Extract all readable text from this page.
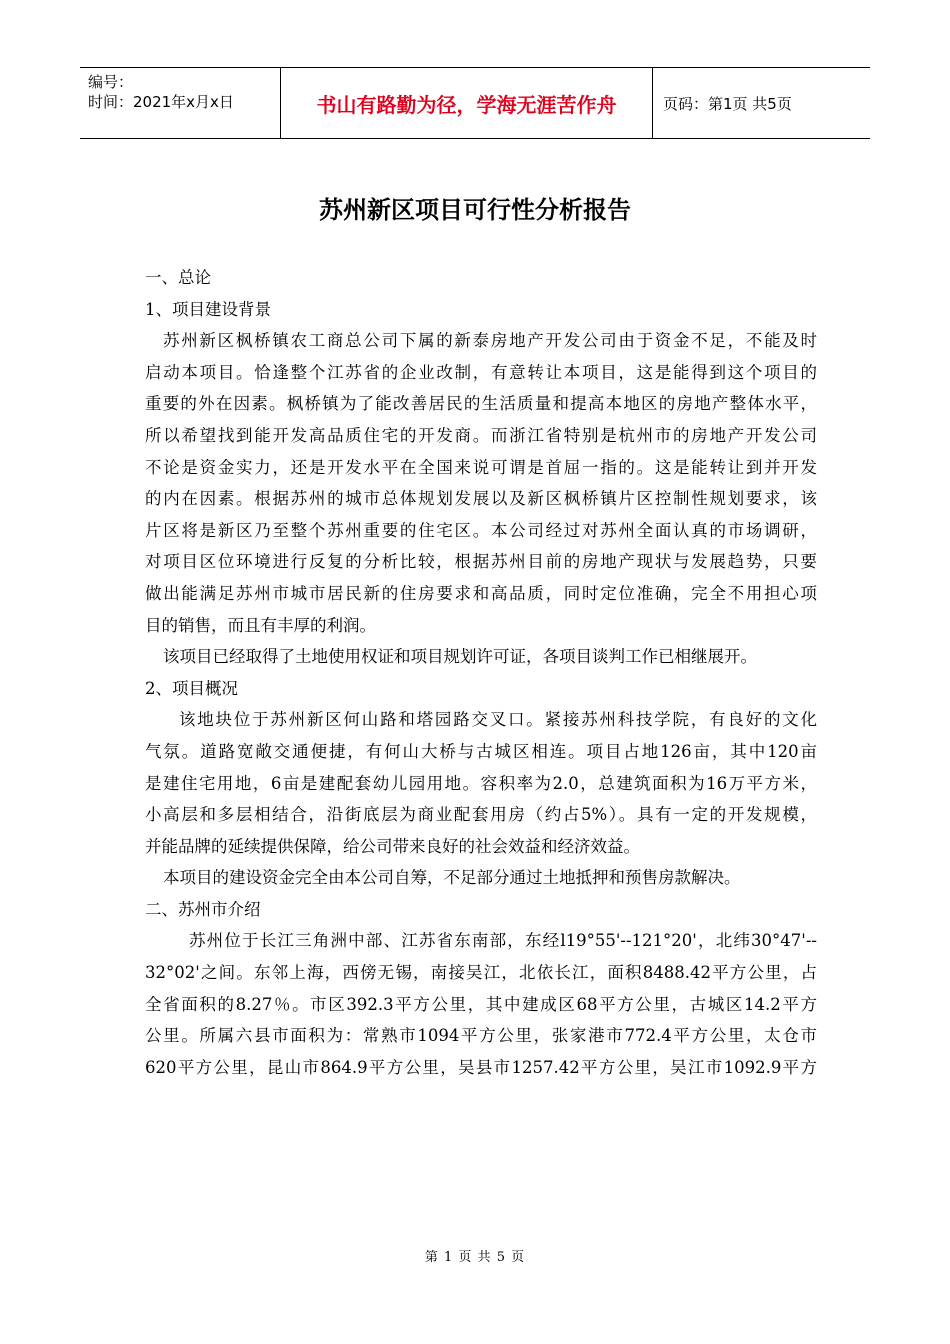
编号：
时间：2021年x月x日	书山有路勤为径，学海无涯苦作舟	页码：第1页 共5页
苏州新区项目可行性分析报告
一、总论
1、项目建设背景
苏州新区枫桥镇农工商总公司下属的新泰房地产开发公司由于资金不足，不能及时
启动本项目。恰逢整个江苏省的企业改制，有意转让本项目，这是能得到这个项目的
重要的外在因素。枫桥镇为了能改善居民的生活质量和提高本地区的房地产整体水平，
所以希望找到能开发高品质住宅的开发商。而浙江省特别是杭州市的房地产开发公司
不论是资金实力，还是开发水平在全国来说可谓是首屈一指的。这是能转让到并开发
的内在因素。根据苏州的城市总体规划发展以及新区枫桥镇片区控制性规划要求，该
片区将是新区乃至整个苏州重要的住宅区。本公司经过对苏州全面认真的市场调研，
对项目区位环境进行反复的分析比较，根据苏州目前的房地产现状与发展趋势，只要
做出能满足苏州市城市居民新的住房要求和高品质，同时定位准确，完全不用担心项
目的销售，而且有丰厚的利润。
该项目已经取得了土地使用权证和项目规划许可证，各项目谈判工作已相继展开。
2、项目概况
该地块位于苏州新区何山路和塔园路交叉口。紧接苏州科技学院，有良好的文化
气氛。道路宽敞交通便捷，有何山大桥与古城区相连。项目占地126亩，其中120亩
是建住宅用地，6亩是建配套幼儿园用地。容积率为2.0，总建筑面积为16万平方米，
小高层和多层相结合，沿街底层为商业配套用房（约占5%）。具有一定的开发规模，
并能品牌的延续提供保障，给公司带来良好的社会效益和经济效益。
本项目的建设资金完全由本公司自筹，不足部分通过土地抵押和预售房款解决。
二、苏州市介绍
苏州位于长江三角洲中部、江苏省东南部，东经l19°55'--121°20'，北纬30°47'--
32°02'之间。东邻上海，西傍无锡，南接吴江，北依长江，面积8488.42平方公里，占
全省面积的8.27％。市区392.3平方公里，其中建成区68平方公里，古城区14.2平方
公里。所属六县市面积为：常熟市1094平方公里，张家港市772.4平方公里，太仓市
620平方公里，昆山市864.9平方公里，吴县市1257.42平方公里，吴江市1092.9平方
第 1 页 共 5 页
